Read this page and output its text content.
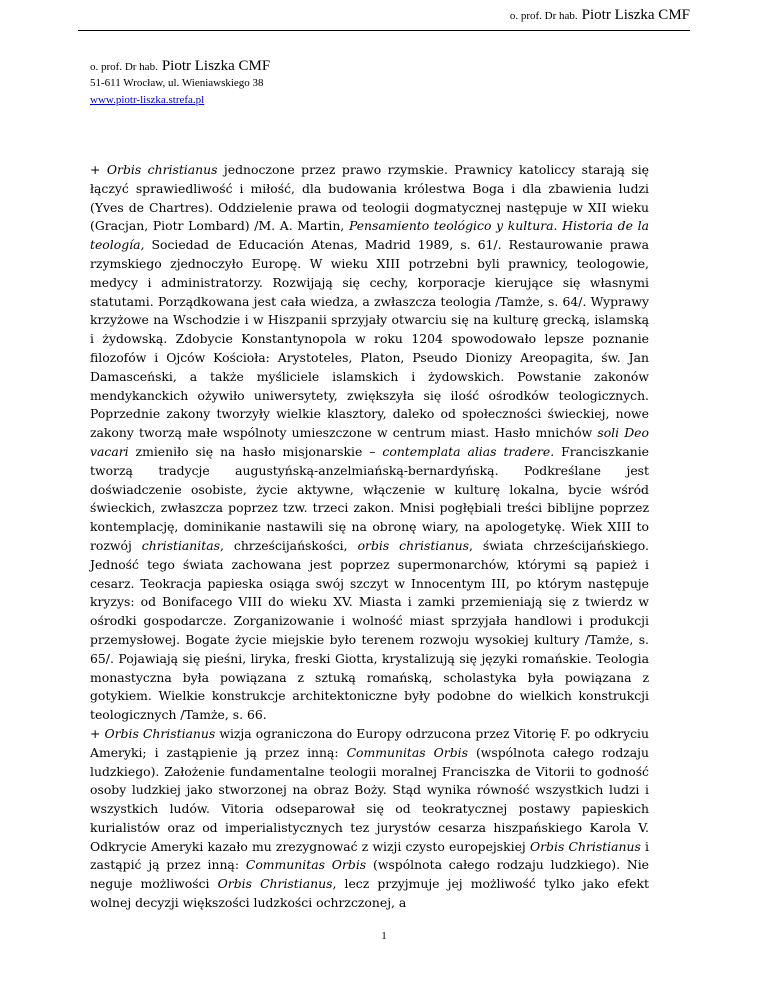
o. prof. Dr hab. Piotr Liszka CMF
o. prof. Dr hab. Piotr Liszka CMF
51-611 Wrocław, ul. Wieniawskiego 38
www.piotr-liszka.strefa.pl

+ Orbis christianus jednoczone przez prawo rzymskie. Prawnicy katoliccy starają się łączyć sprawiedliwość i miłość, dla budowania królestwa Boga i dla zbawienia ludzi (Yves de Chartres). Oddzielenie prawa od teologii dogmatycznej następuje w XII wieku (Gracjan, Piotr Lombard) /M. A. Martin, Pensamiento teológico y kultura. Historia de la teología, Sociedad de Educación Atenas, Madrid 1989, s. 61/. Restaurowanie prawa rzymskiego zjednoczyło Europę. W wieku XIII potrzebni byli prawnicy, teologowie, medycy i administratorzy. Rozwijają się cechy, korporacje kierujące się własnymi statutami. Porządkowana jest cała wiedza, a zwłaszcza teologia /Tamże, s. 64/. Wyprawy krzyżowe na Wschodzie i w Hiszpanii sprzyjały otwarciu się na kulturę grecką, islamską i żydowską. Zdobycie Konstantynopola w roku 1204 spowodowało lepsze poznanie filozofów i Ojców Kościoła: Arystoteles, Platon, Pseudo Dionizy Areopagita, św. Jan Damasceński, a także myśliciele islamskich i żydowskich. Powstanie zakonów mendykanckich ożywiło uniwersytety, zwiększyła się ilość ośrodków teologicznych. Poprzednie zakony tworzyły wielkie klasztory, daleko od społeczności świeckiej, nowe zakony tworzą małe wspólnoty umieszczone w centrum miast. Hasło mnichów soli Deo vacari zmieniło się na hasło misjonarskie – contemplata alias tradere. Franciszkanie tworzą tradycje augustyńską-anzelmiańską-bernardyńską. Podkreślane jest doświadczenie osobiste, życie aktywne, włączenie w kulturę lokalna, bycie wśród świeckich, zwłaszcza poprzez tzw. trzeci zakon. Mnisi pogłębiali treści biblijne poprzez kontemplację, dominikanie nastawili się na obronę wiary, na apologetykę. Wiek XIII to rozwój christianitas, chrześcijańskości, orbis christianus, świata chrześcijańskiego. Jedność tego świata zachowana jest poprzez supermonarchów, którymi są papież i cesarz. Teokracja papieska osiąga swój szczyt w Innocentym III, po którym następuje kryzys: od Bonifacego VIII do wieku XV. Miasta i zamki przemieniają się z twierdz w ośrodki gospodarcze. Zorganizowanie i wolność miast sprzyjała handlowi i produkcji przemysłowej. Bogate życie miejskie było terenem rozwoju wysokiej kultury /Tamże, s. 65/. Pojawiają się pieśni, liryka, freski Giotta, krystalizują się języki romańskie. Teologia monastyczna była powiązana z sztuką romańską, scholastyka była powiązana z gotykiem. Wielkie konstrukcje architektoniczne były podobne do wielkich konstrukcji teologicznych /Tamże, s. 66.

+ Orbis Christianus wizja ograniczona do Europy odrzucona przez Vitorię F. po odkryciu Ameryki; i zastąpienie ją przez inną: Communitas Orbis (wspólnota całego rodzaju ludzkiego). Założenie fundamentalne teologii moralnej Franciszka de Vitorii to godność osoby ludzkiej jako stworzonej na obraz Boży. Stąd wynika równość wszystkich ludzi i wszystkich ludów. Vitoria odseparował się od teokratycznej postawy papieskich kurialistów oraz od imperialistycznych tez jurystów cesarza hiszpańskiego Karola V. Odkrycie Ameryki kazało mu zrezygnować z wizji czysto europejskiej Orbis Christianus i zastąpić ją przez inną: Communitas Orbis (wspólnota całego rodzaju ludzkiego). Nie neguje możliwości Orbis Christianus, lecz przyjmuje jej możliwość tylko jako efekt wolnej decyzji większości ludzkości ochrzczonej, a

1
